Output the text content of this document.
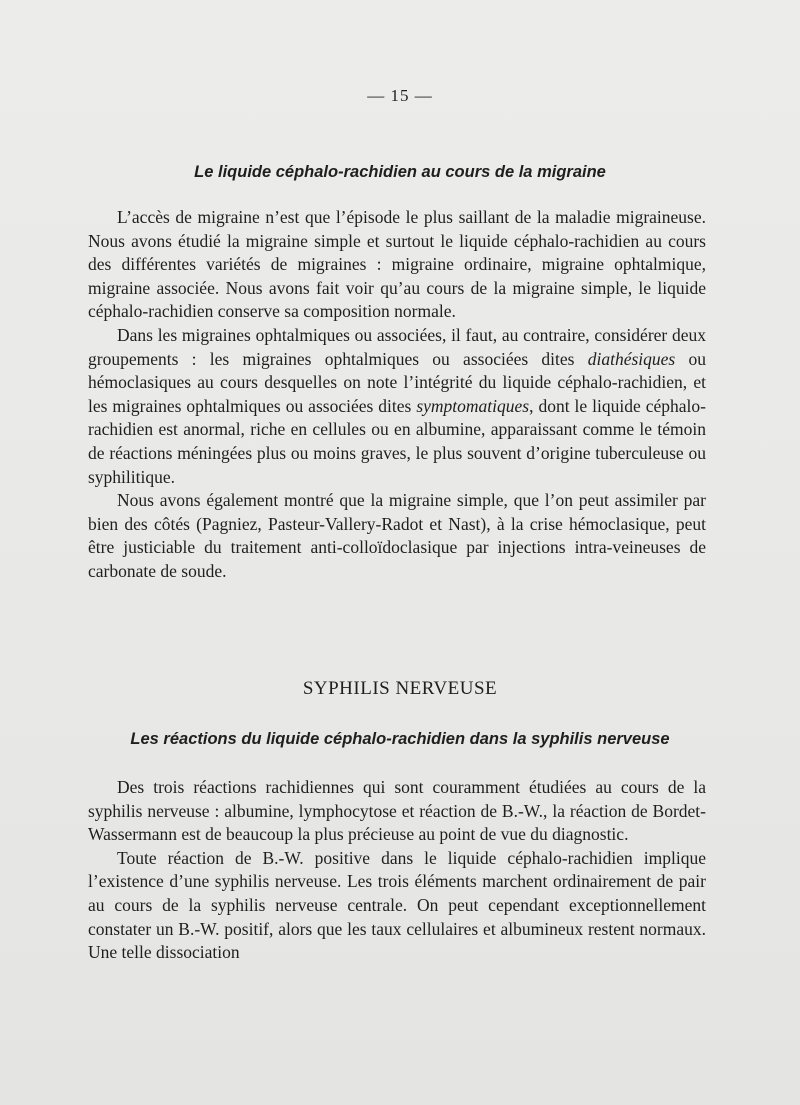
— 15 —
Le liquide céphalo-rachidien au cours de la migraine

L’accès de migraine n’est que l’épisode le plus saillant de la maladie migraineuse. Nous avons étudié la migraine simple et surtout le liquide céphalo-rachidien au cours des différentes variétés de migraines : migraine ordinaire, migraine ophtalmique, migraine associée. Nous avons fait voir qu’au cours de la migraine simple, le liquide céphalo-rachidien conserve sa composition normale.

Dans les migraines ophtalmiques ou associées, il faut, au contraire, considérer deux groupements : les migraines ophtalmiques ou associées dites diathésiques ou hémoclasiques au cours desquelles on note l’intégrité du liquide céphalo-rachidien, et les migraines ophtalmiques ou associées dites symptomatiques, dont le liquide céphalo-rachidien est anormal, riche en cellules ou en albumine, apparaissant comme le témoin de réactions méningées plus ou moins graves, le plus souvent d’origine tuberculeuse ou syphilitique.

Nous avons également montré que la migraine simple, que l’on peut assimiler par bien des côtés (Pagniez, Pasteur-Vallery-Radot et Nast), à la crise hémoclasique, peut être justiciable du traitement anti-colloïdoclasique par injections intra-veineuses de carbonate de soude.

SYPHILIS NERVEUSE
Les réactions du liquide céphalo-rachidien dans la syphilis nerveuse

Des trois réactions rachidiennes qui sont couramment étudiées au cours de la syphilis nerveuse : albumine, lymphocytose et réaction de B.-W., la réaction de Bordet-Wassermann est de beaucoup la plus précieuse au point de vue du diagnostic.

Toute réaction de B.-W. positive dans le liquide céphalo-rachidien implique l’existence d’une syphilis nerveuse. Les trois éléments marchent ordinairement de pair au cours de la syphilis nerveuse centrale. On peut cependant exceptionnellement constater un B.-W. positif, alors que les taux cellulaires et albumineux restent normaux. Une telle dissociation
